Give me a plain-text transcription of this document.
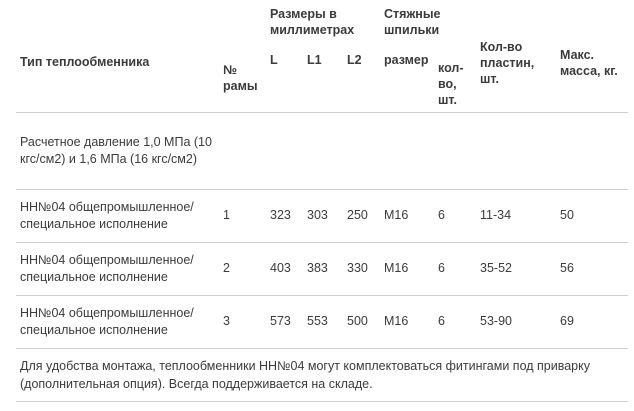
Тип теплообменника	№ рамы	Размеры в миллиметрах			Стяжные шпильки		Кол-во пластин, шт.	Макс. масса, кг.
		L	L1	L2	размер	кол-во, шт.		
Расчетное давление 1,0 МПа (10 кгс/см2) и 1,6 МПа (16 кгс/см2)								
НН№04 общепромышленное/ специальное исполнение	1	323	303	250	M16	6	11-34	50
НН№04 общепромышленное/ специальное исполнение	2	403	383	330	M16	6	35-52	56
НН№04 общепромышленное/ специальное исполнение	3	573	553	500	M16	6	53-90	69
Для удобства монтажа, теплообменники НН№04 могут комплектоваться фитингами под приварку (дополнительная опция). Всегда поддерживается на складе.								
